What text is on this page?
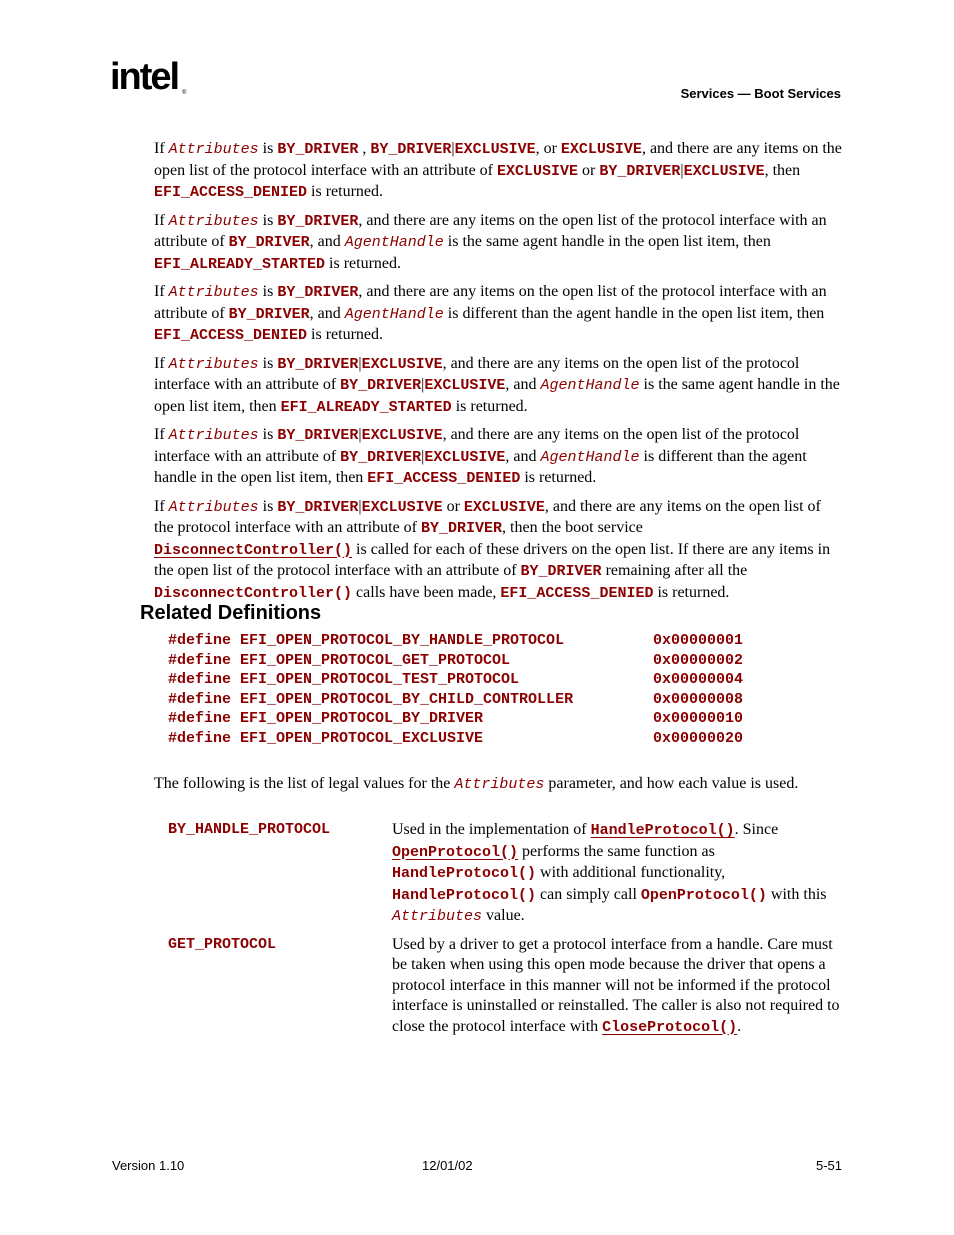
intel ®	Services — Boot Services

If Attributes is BY_DRIVER , BY_DRIVER|EXCLUSIVE, or EXCLUSIVE, and there are any items on the open list of the protocol interface with an attribute of EXCLUSIVE or BY_DRIVER|EXCLUSIVE, then EFI_ACCESS_DENIED is returned.

If Attributes is BY_DRIVER, and there are any items on the open list of the protocol interface with an attribute of BY_DRIVER, and AgentHandle is the same agent handle in the open list item, then EFI_ALREADY_STARTED is returned.

If Attributes is BY_DRIVER, and there are any items on the open list of the protocol interface with an attribute of BY_DRIVER, and AgentHandle is different than the agent handle in the open list item, then EFI_ACCESS_DENIED is returned.

If Attributes is BY_DRIVER|EXCLUSIVE, and there are any items on the open list of the protocol interface with an attribute of BY_DRIVER|EXCLUSIVE, and AgentHandle is the same agent handle in the open list item, then EFI_ALREADY_STARTED is returned.

If Attributes is BY_DRIVER|EXCLUSIVE, and there are any items on the open list of the protocol interface with an attribute of BY_DRIVER|EXCLUSIVE, and AgentHandle is different than the agent handle in the open list item, then EFI_ACCESS_DENIED is returned.

If Attributes is BY_DRIVER|EXCLUSIVE or EXCLUSIVE, and there are any items on the open list of the protocol interface with an attribute of BY_DRIVER, then the boot service DisconnectController() is called for each of these drivers on the open list. If there are any items in the open list of the protocol interface with an attribute of BY_DRIVER remaining after all the DisconnectController() calls have been made, EFI_ACCESS_DENIED is returned.

Related Definitions
#define EFI_OPEN_PROTOCOL_BY_HANDLE_PROTOCOL	0x00000001
#define EFI_OPEN_PROTOCOL_GET_PROTOCOL	0x00000002
#define EFI_OPEN_PROTOCOL_TEST_PROTOCOL	0x00000004
#define EFI_OPEN_PROTOCOL_BY_CHILD_CONTROLLER	0x00000008
#define EFI_OPEN_PROTOCOL_BY_DRIVER	0x00000010
#define EFI_OPEN_PROTOCOL_EXCLUSIVE	0x00000020

The following is the list of legal values for the Attributes parameter, and how each value is used.

BY_HANDLE_PROTOCOL	Used in the implementation of HandleProtocol(). Since OpenProtocol() performs the same function as HandleProtocol() with additional functionality, HandleProtocol() can simply call OpenProtocol() with this Attributes value.
GET_PROTOCOL	Used by a driver to get a protocol interface from a handle. Care must be taken when using this open mode because the driver that opens a protocol interface in this manner will not be informed if the protocol interface is uninstalled or reinstalled. The caller is also not required to close the protocol interface with CloseProtocol().
Version 1.10	12/01/02	5-51
